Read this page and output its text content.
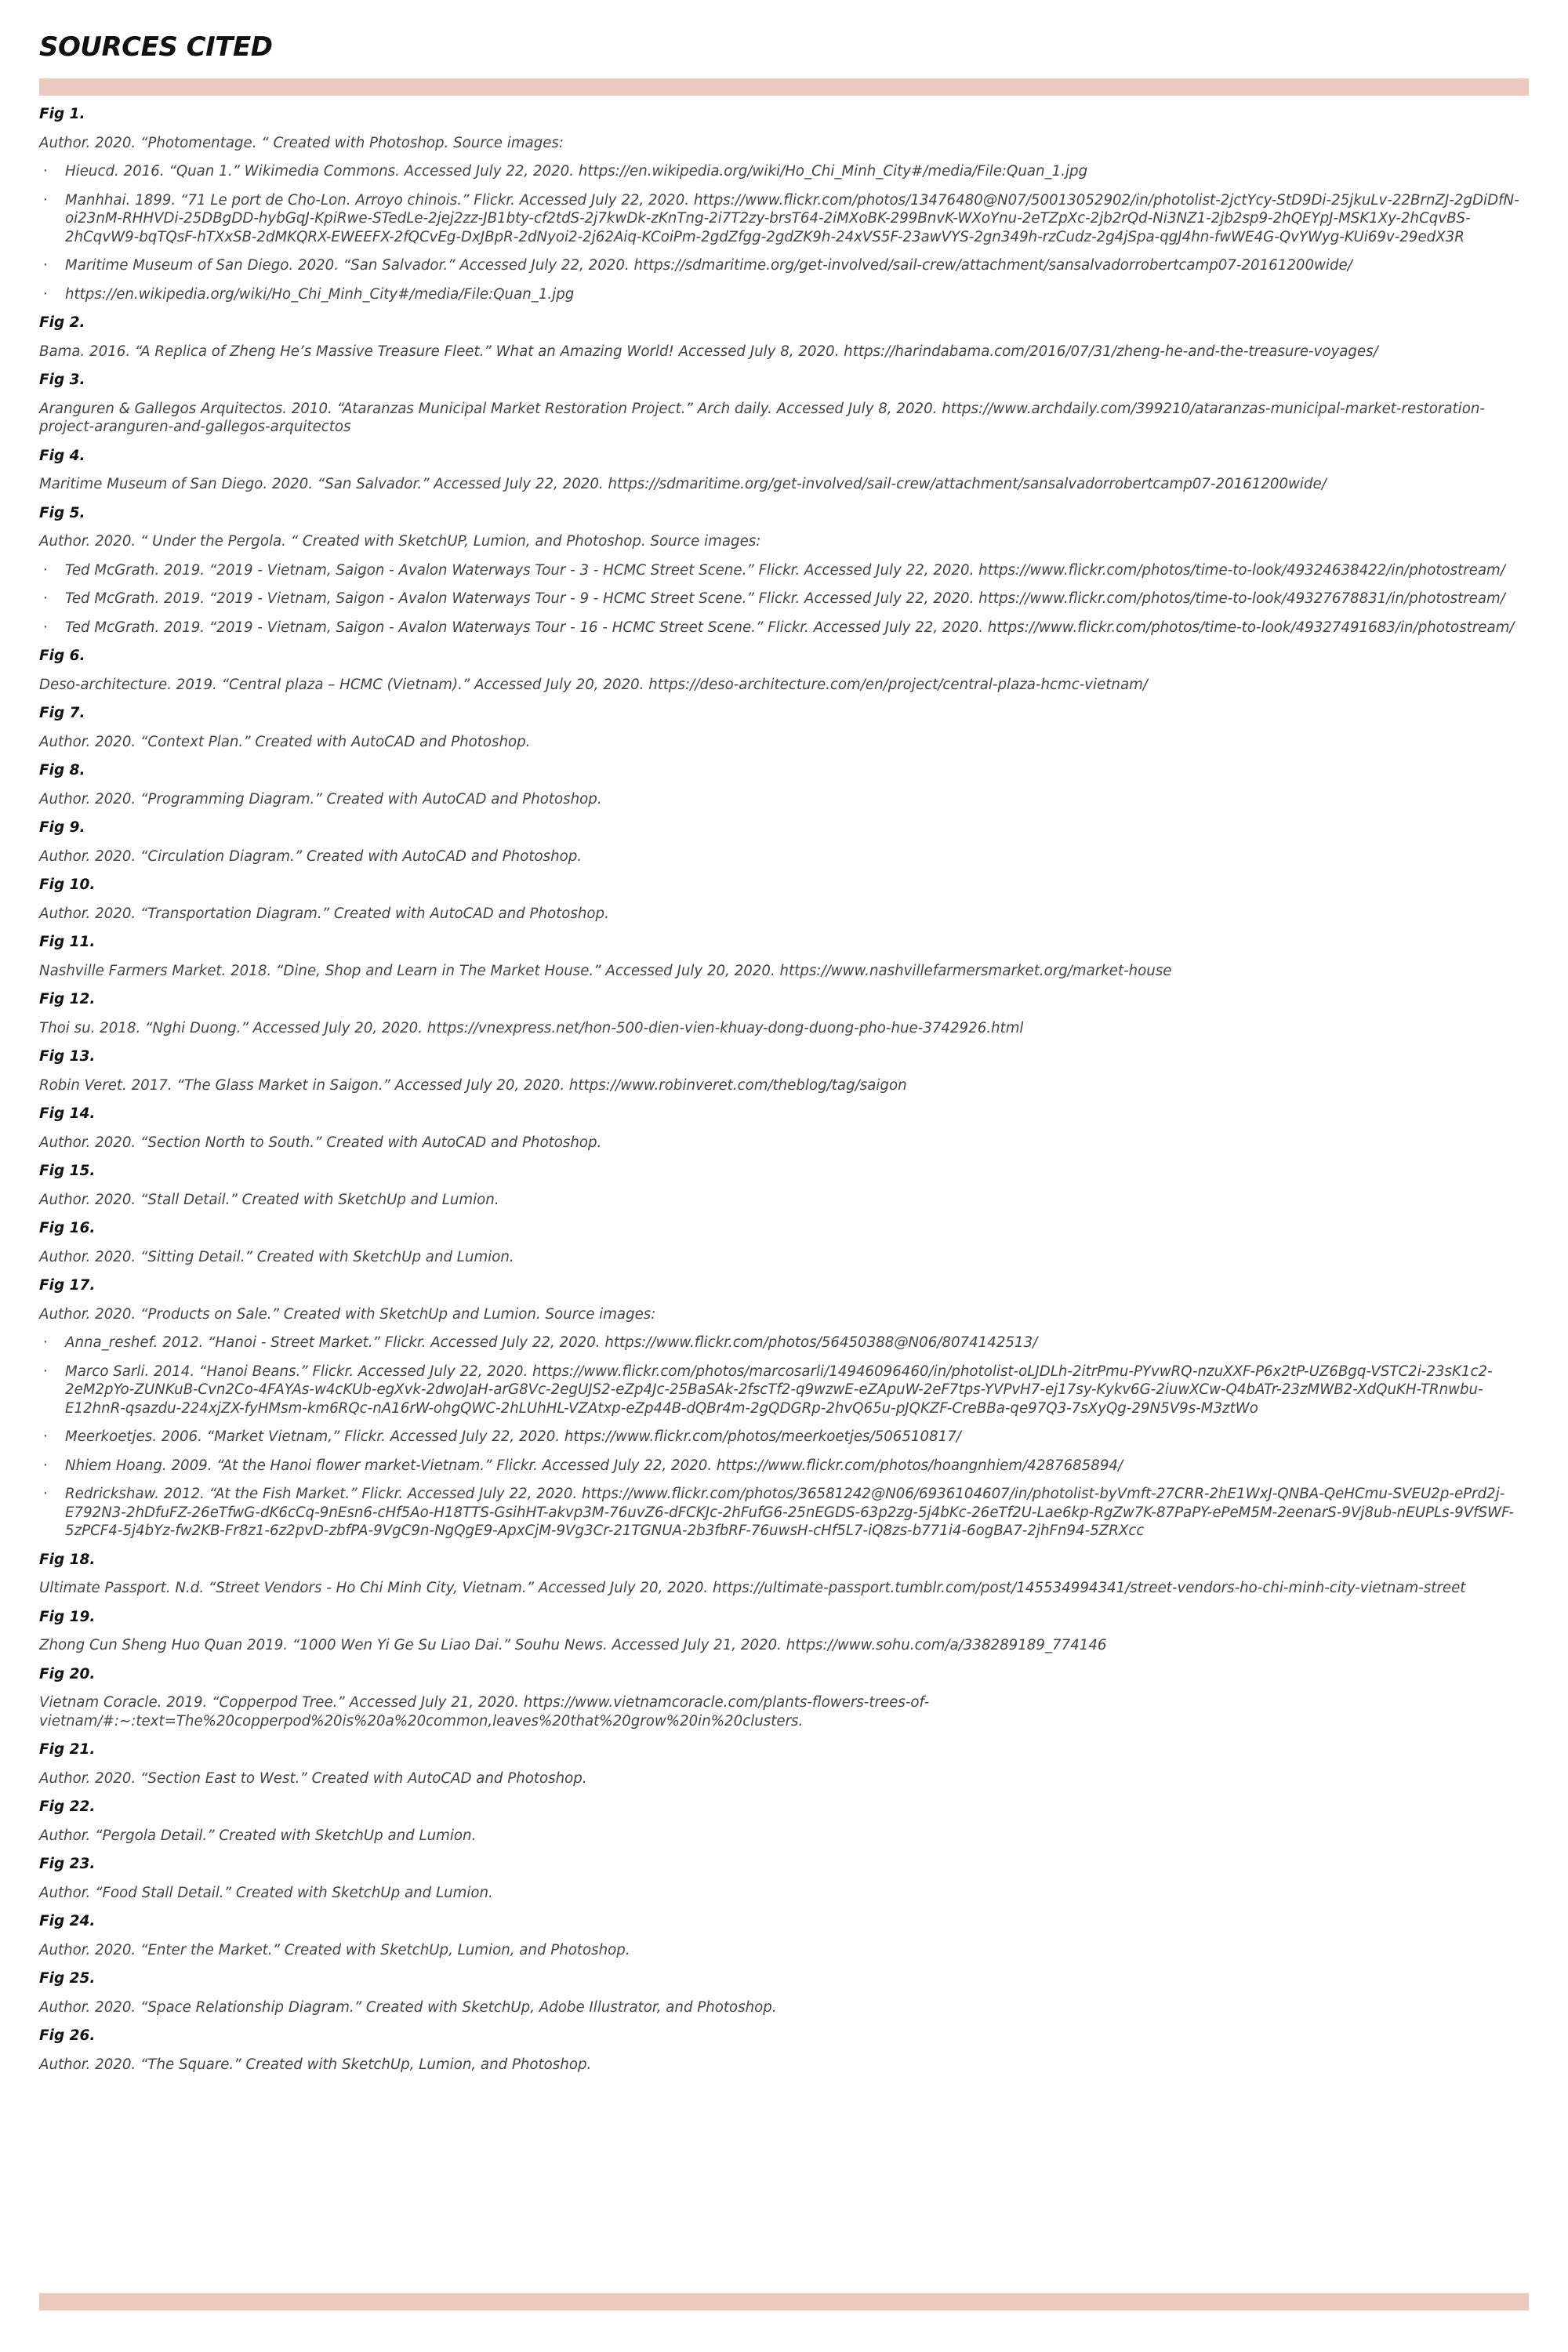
SOURCES CITED
Fig 1.
Author. 2020. “Photomentage. “ Created with Photoshop. Source images:
· Hieucd. 2016. “Quan 1.” Wikimedia Commons. Accessed July 22, 2020. https://en.wikipedia.org/wiki/Ho_Chi_Minh_City#/media/File:Quan_1.jpg
· Manhhai. 1899. “71 Le port de Cho-Lon. Arroyo chinois.” Flickr. Accessed July 22, 2020. https://www.flickr.com/photos/13476480@N07/50013052902/in/photolist-2jctYcy-StD9Di-25jkuLv-22BrnZJ-2gDiDfN-oi23nM-RHHVDi-25DBgDD-hybGqJ-KpiRwe-STedLe-2jej2zz-JB1bty-cf2tdS-2j7kwDk-zKnTng-2i7T2zy-brsT64-2iMXoBK-299BnvK-WXoYnu-2eTZpXc-2jb2rQd-Ni3NZ1-2jb2sp9-2hQEYpJ-MSK1Xy-2hCqvBS-2hCqvW9-bqTQsF-hTXxSB-2dMKQRX-EWEEFX-2fQCvEg-DxJBpR-2dNyoi2-2j62Aiq-KCoiPm-2gdZfgg-2gdZK9h-24xVS5F-23awVYS-2gn349h-rzCudz-2g4jSpa-qgJ4hn-fwWE4G-QvYWyg-KUi69v-29edX3R
· Maritime Museum of San Diego. 2020. “San Salvador.” Accessed July 22, 2020. https://sdmaritime.org/get-involved/sail-crew/attachment/sansalvadorrobertcamp07-20161200wide/
· https://en.wikipedia.org/wiki/Ho_Chi_Minh_City#/media/File:Quan_1.jpg
Fig 2.
Bama. 2016. “A Replica of Zheng He’s Massive Treasure Fleet.” What an Amazing World! Accessed July 8, 2020. https://harindabama.com/2016/07/31/zheng-he-and-the-treasure-voyages/
Fig 3.
Aranguren & Gallegos Arquitectos. 2010. “Ataranzas Municipal Market Restoration Project.” Arch daily. Accessed July 8, 2020. https://www.archdaily.com/399210/ataranzas-municipal-market-restoration-project-aranguren-and-gallegos-arquitectos
Fig 4.
Maritime Museum of San Diego. 2020. “San Salvador.” Accessed July 22, 2020. https://sdmaritime.org/get-involved/sail-crew/attachment/sansalvadorrobertcamp07-20161200wide/
Fig 5.
Author. 2020. “ Under the Pergola. “ Created with SketchUP, Lumion, and Photoshop. Source images:
· Ted McGrath. 2019. “2019 - Vietnam, Saigon - Avalon Waterways Tour - 3 - HCMC Street Scene.” Flickr. Accessed July 22, 2020. https://www.flickr.com/photos/time-to-look/49324638422/in/photostream/
· Ted McGrath. 2019. “2019 - Vietnam, Saigon - Avalon Waterways Tour - 9 - HCMC Street Scene.” Flickr. Accessed July 22, 2020. https://www.flickr.com/photos/time-to-look/49327678831/in/photostream/
· Ted McGrath. 2019. “2019 - Vietnam, Saigon - Avalon Waterways Tour - 16 - HCMC Street Scene.” Flickr. Accessed July 22, 2020. https://www.flickr.com/photos/time-to-look/49327491683/in/photostream/
Fig 6.
Deso-architecture. 2019. “Central plaza – HCMC (Vietnam).” Accessed July 20, 2020. https://deso-architecture.com/en/project/central-plaza-hcmc-vietnam/
Fig 7.
Author. 2020. “Context Plan.” Created with AutoCAD and Photoshop.
Fig 8.
Author. 2020. “Programming Diagram.” Created with AutoCAD and Photoshop.
Fig 9.
Author. 2020. “Circulation Diagram.” Created with AutoCAD and Photoshop.
Fig 10.
Author. 2020. “Transportation Diagram.” Created with AutoCAD and Photoshop.
Fig 11.
Nashville Farmers Market. 2018. “Dine, Shop and Learn in The Market House.” Accessed July 20, 2020. https://www.nashvillefarmersmarket.org/market-house
Fig 12.
Thoi su. 2018. “Nghi Duong.” Accessed July 20, 2020. https://vnexpress.net/hon-500-dien-vien-khuay-dong-duong-pho-hue-3742926.html
Fig 13.
Robin Veret. 2017. “The Glass Market in Saigon.” Accessed July 20, 2020. https://www.robinveret.com/theblog/tag/saigon
Fig 14.
Author. 2020. “Section North to South.” Created with AutoCAD and Photoshop.
Fig 15.
Author. 2020. “Stall Detail.” Created with SketchUp and Lumion.
Fig 16.
Author. 2020. “Sitting Detail.” Created with SketchUp and Lumion.
Fig 17.
Author. 2020. “Products on Sale.” Created with SketchUp and Lumion. Source images:
· Anna_reshef. 2012. “Hanoi - Street Market.” Flickr. Accessed July 22, 2020. https://www.flickr.com/photos/56450388@N06/8074142513/
· Marco Sarli. 2014. “Hanoi Beans.” Flickr. Accessed July 22, 2020. https://www.flickr.com/photos/marcosarli/14946096460/in/photolist-oLJDLh-2itrPmu-PYvwRQ-nzuXXF-P6x2tP-UZ6Bgq-VSTC2i-23sK1c2-2eM2pYo-ZUNKuB-Cvn2Co-4FAYAs-w4cKUb-egXvk-2dwoJaH-arG8Vc-2egUJS2-eZp4Jc-25BaSAk-2fscTf2-q9wzwE-eZApuW-2eF7tps-YVPvH7-ej17sy-Kykv6G-2iuwXCw-Q4bATr-23zMWB2-XdQuKH-TRnwbu-E12hnR-qsazdu-224xjZX-fyHMsm-km6RQc-nA16rW-ohgQWC-2hLUhHL-VZAtxp-eZp44B-dQBr4m-2gQDGRp-2hvQ65u-pJQKZF-CreBBa-qe97Q3-7sXyQg-29N5V9s-M3ztWo
· Meerkoetjes. 2006. “Market Vietnam,” Flickr. Accessed July 22, 2020. https://www.flickr.com/photos/meerkoetjes/506510817/
· Nhiem Hoang. 2009. “At the Hanoi flower market-Vietnam.” Flickr. Accessed July 22, 2020. https://www.flickr.com/photos/hoangnhiem/4287685894/
· Redrickshaw. 2012. “At the Fish Market.” Flickr. Accessed July 22, 2020. https://www.flickr.com/photos/36581242@N06/6936104607/in/photolist-byVmft-27CRR-2hE1WxJ-QNBA-QeHCmu-SVEU2p-ePrd2j-E792N3-2hDfuFZ-26eTfwG-dK6cCq-9nEsn6-cHf5Ao-H18TTS-GsihHT-akvp3M-76uvZ6-dFCKJc-2hFufG6-25nEGDS-63p2zg-5j4bKc-26eTf2U-Lae6kp-RgZw7K-87PaPY-ePeM5M-2eenarS-9Vj8ub-nEUPLs-9VfSWF-5zPCF4-5j4bYz-fw2KB-Fr8z1-6z2pvD-zbfPA-9VgC9n-NgQgE9-ApxCjM-9Vg3Cr-21TGNUA-2b3fbRF-76uwsH-cHf5L7-iQ8zs-b771i4-6ogBA7-2jhFn94-5ZRXcc
Fig 18.
Ultimate Passport. N.d. “Street Vendors - Ho Chi Minh City, Vietnam.” Accessed July 20, 2020. https://ultimate-passport.tumblr.com/post/145534994341/street-vendors-ho-chi-minh-city-vietnam-street
Fig 19.
Zhong Cun Sheng Huo Quan 2019. “1000 Wen Yi Ge Su Liao Dai.” Souhu News. Accessed July 21, 2020. https://www.sohu.com/a/338289189_774146
Fig 20.
Vietnam Coracle. 2019. “Copperpod Tree.” Accessed July 21, 2020. https://www.vietnamcoracle.com/plants-flowers-trees-of-vietnam/#:~:text=The%20copperpod%20is%20a%20common,leaves%20that%20grow%20in%20clusters.
Fig 21.
Author. 2020. “Section East to West.” Created with AutoCAD and Photoshop.
Fig 22.
Author. “Pergola Detail.” Created with SketchUp and Lumion.
Fig 23.
Author. “Food Stall Detail.” Created with SketchUp and Lumion.
Fig 24.
Author. 2020. “Enter the Market.” Created with SketchUp, Lumion, and Photoshop.
Fig 25.
Author. 2020. “Space Relationship Diagram.” Created with SketchUp, Adobe Illustrator, and Photoshop.
Fig 26.
Author. 2020. “The Square.” Created with SketchUp, Lumion, and Photoshop.
